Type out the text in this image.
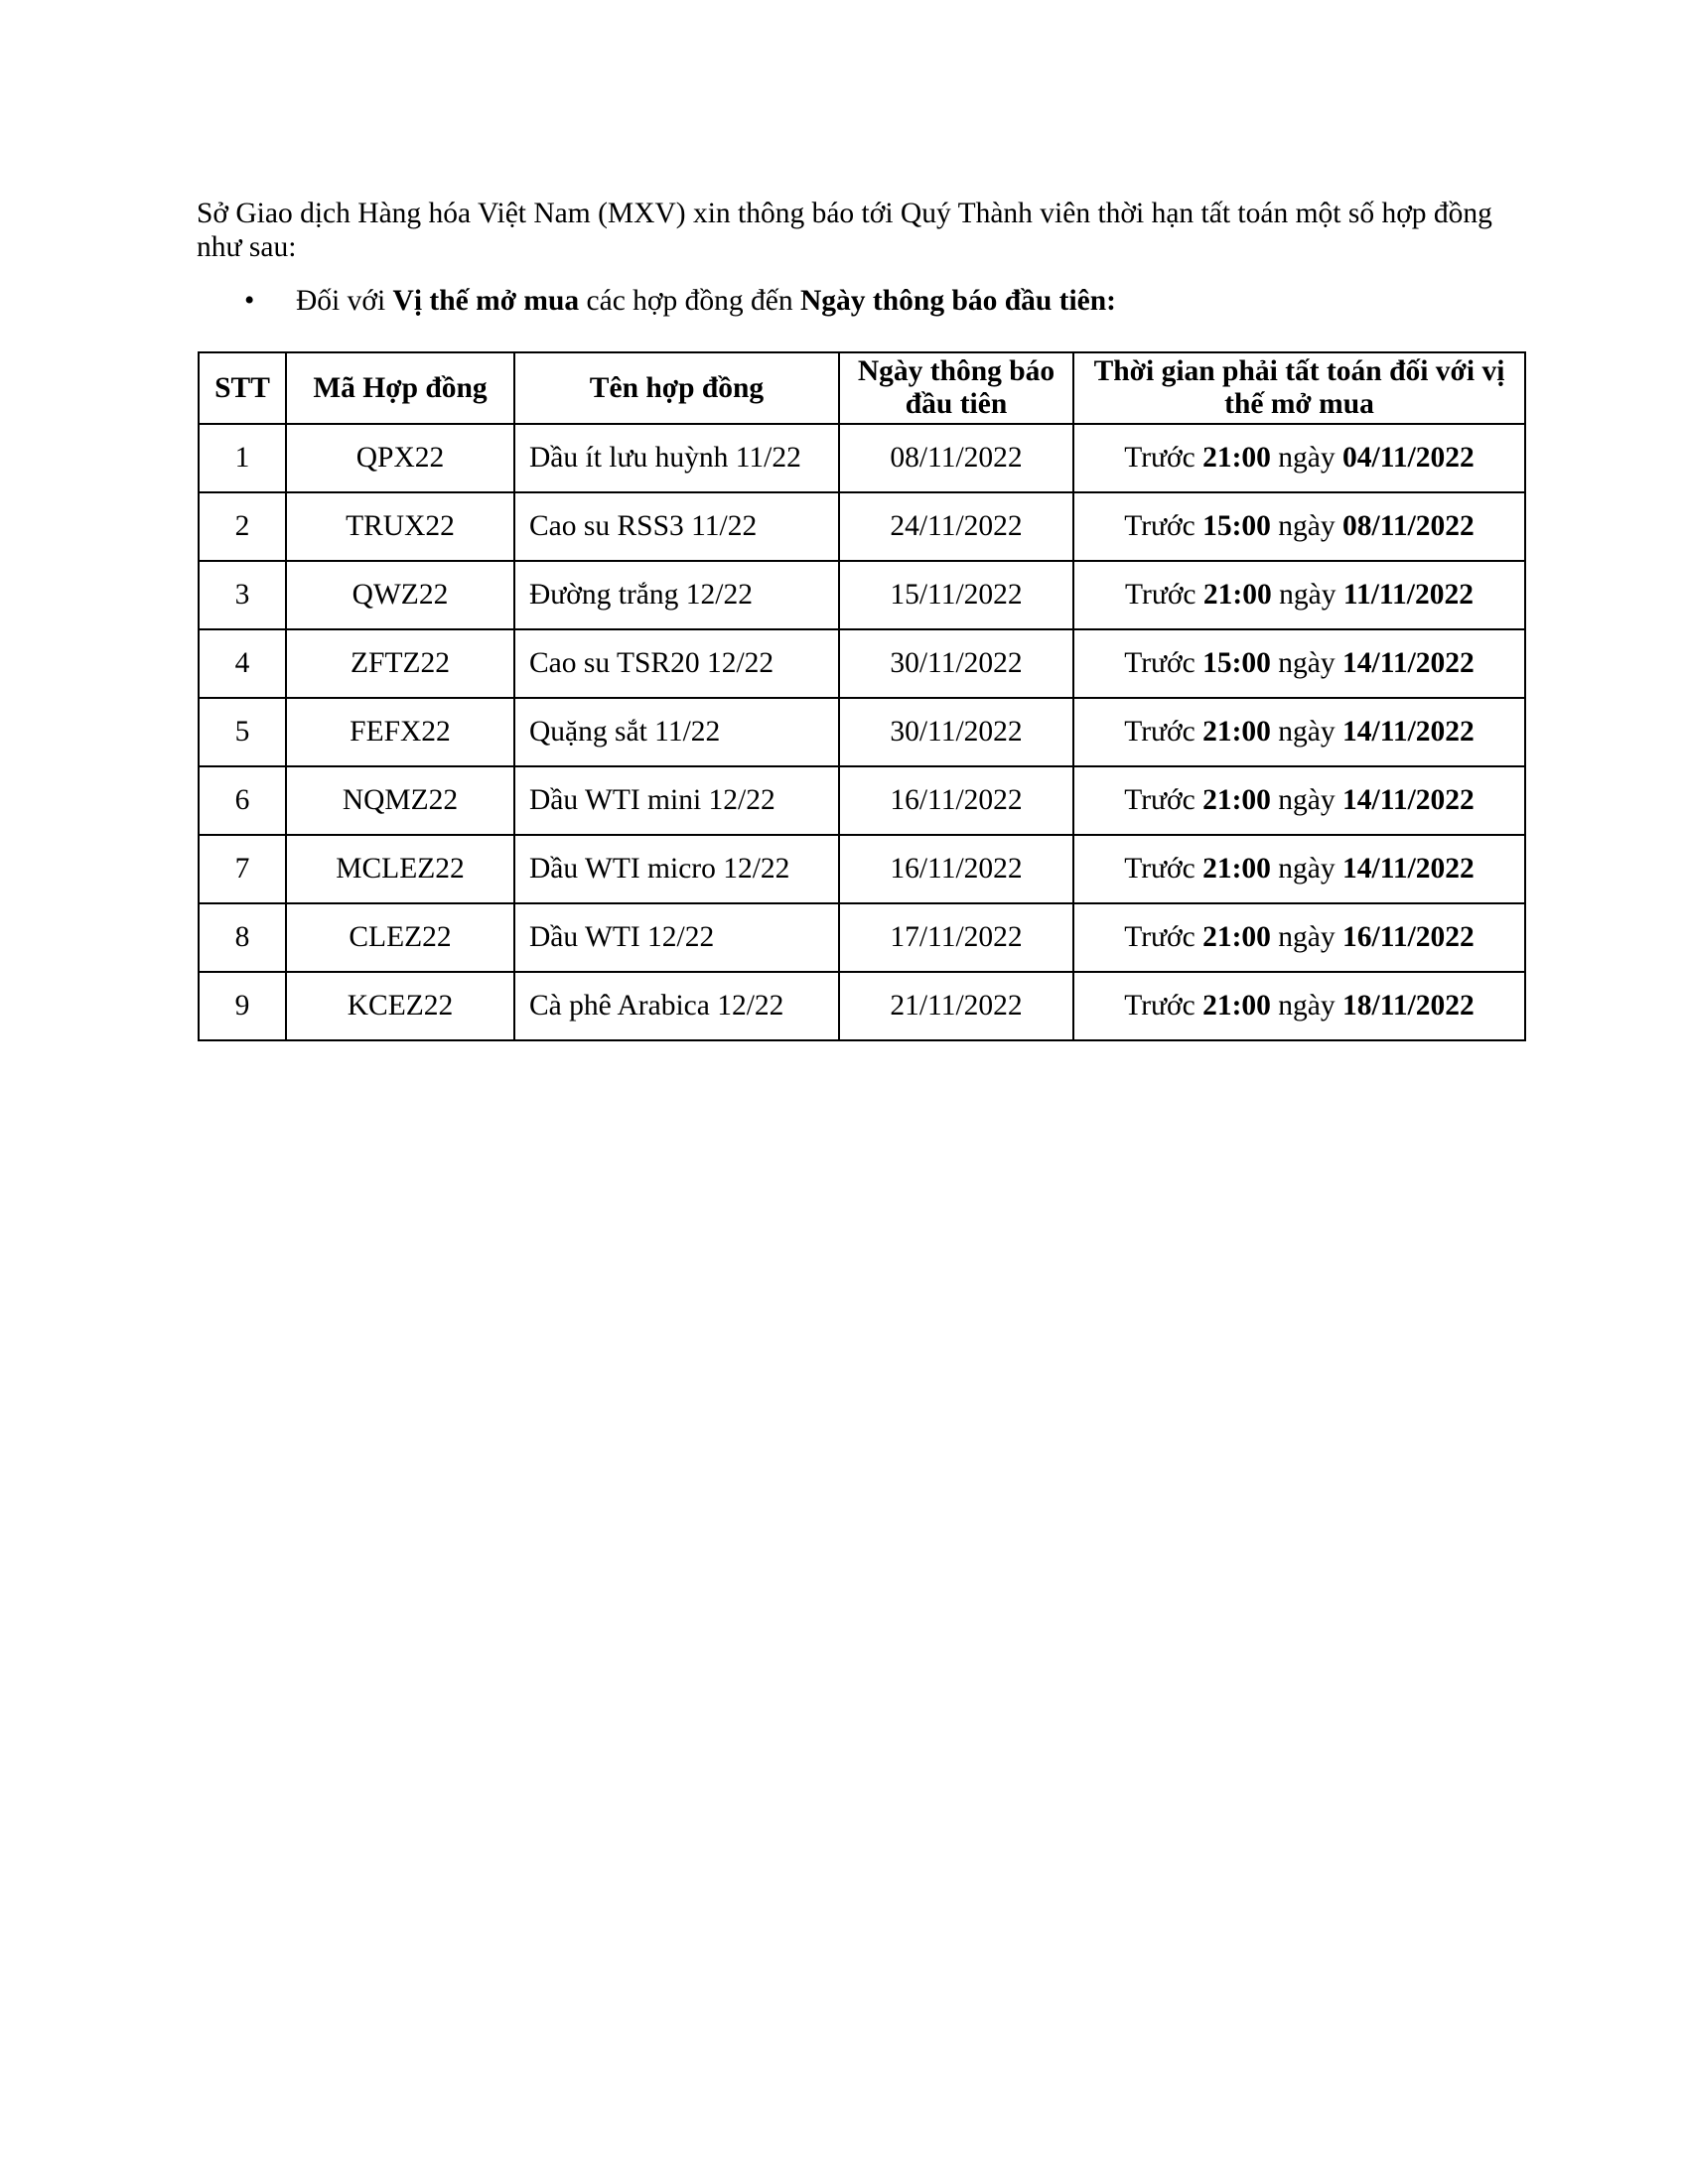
Sở Giao dịch Hàng hóa Việt Nam (MXV) xin thông báo tới Quý Thành viên thời hạn tất toán một số hợp đồng như sau:

• Đối với Vị thế mở mua các hợp đồng đến Ngày thông báo đầu tiên:

STT	Mã Hợp đồng	Tên hợp đồng	Ngày thông báo đầu tiên	Thời gian phải tất toán đối với vị thế mở mua
1	QPX22	Dầu ít lưu huỳnh 11/22	08/11/2022	Trước 21:00 ngày 04/11/2022
2	TRUX22	Cao su RSS3 11/22	24/11/2022	Trước 15:00 ngày 08/11/2022
3	QWZ22	Đường trắng 12/22	15/11/2022	Trước 21:00 ngày 11/11/2022
4	ZFTZ22	Cao su TSR20 12/22	30/11/2022	Trước 15:00 ngày 14/11/2022
5	FEFX22	Quặng sắt 11/22	30/11/2022	Trước 21:00 ngày 14/11/2022
6	NQMZ22	Dầu WTI mini 12/22	16/11/2022	Trước 21:00 ngày 14/11/2022
7	MCLEZ22	Dầu WTI micro 12/22	16/11/2022	Trước 21:00 ngày 14/11/2022
8	CLEZ22	Dầu WTI 12/22	17/11/2022	Trước 21:00 ngày 16/11/2022
9	KCEZ22	Cà phê Arabica 12/22	21/11/2022	Trước 21:00 ngày 18/11/2022
